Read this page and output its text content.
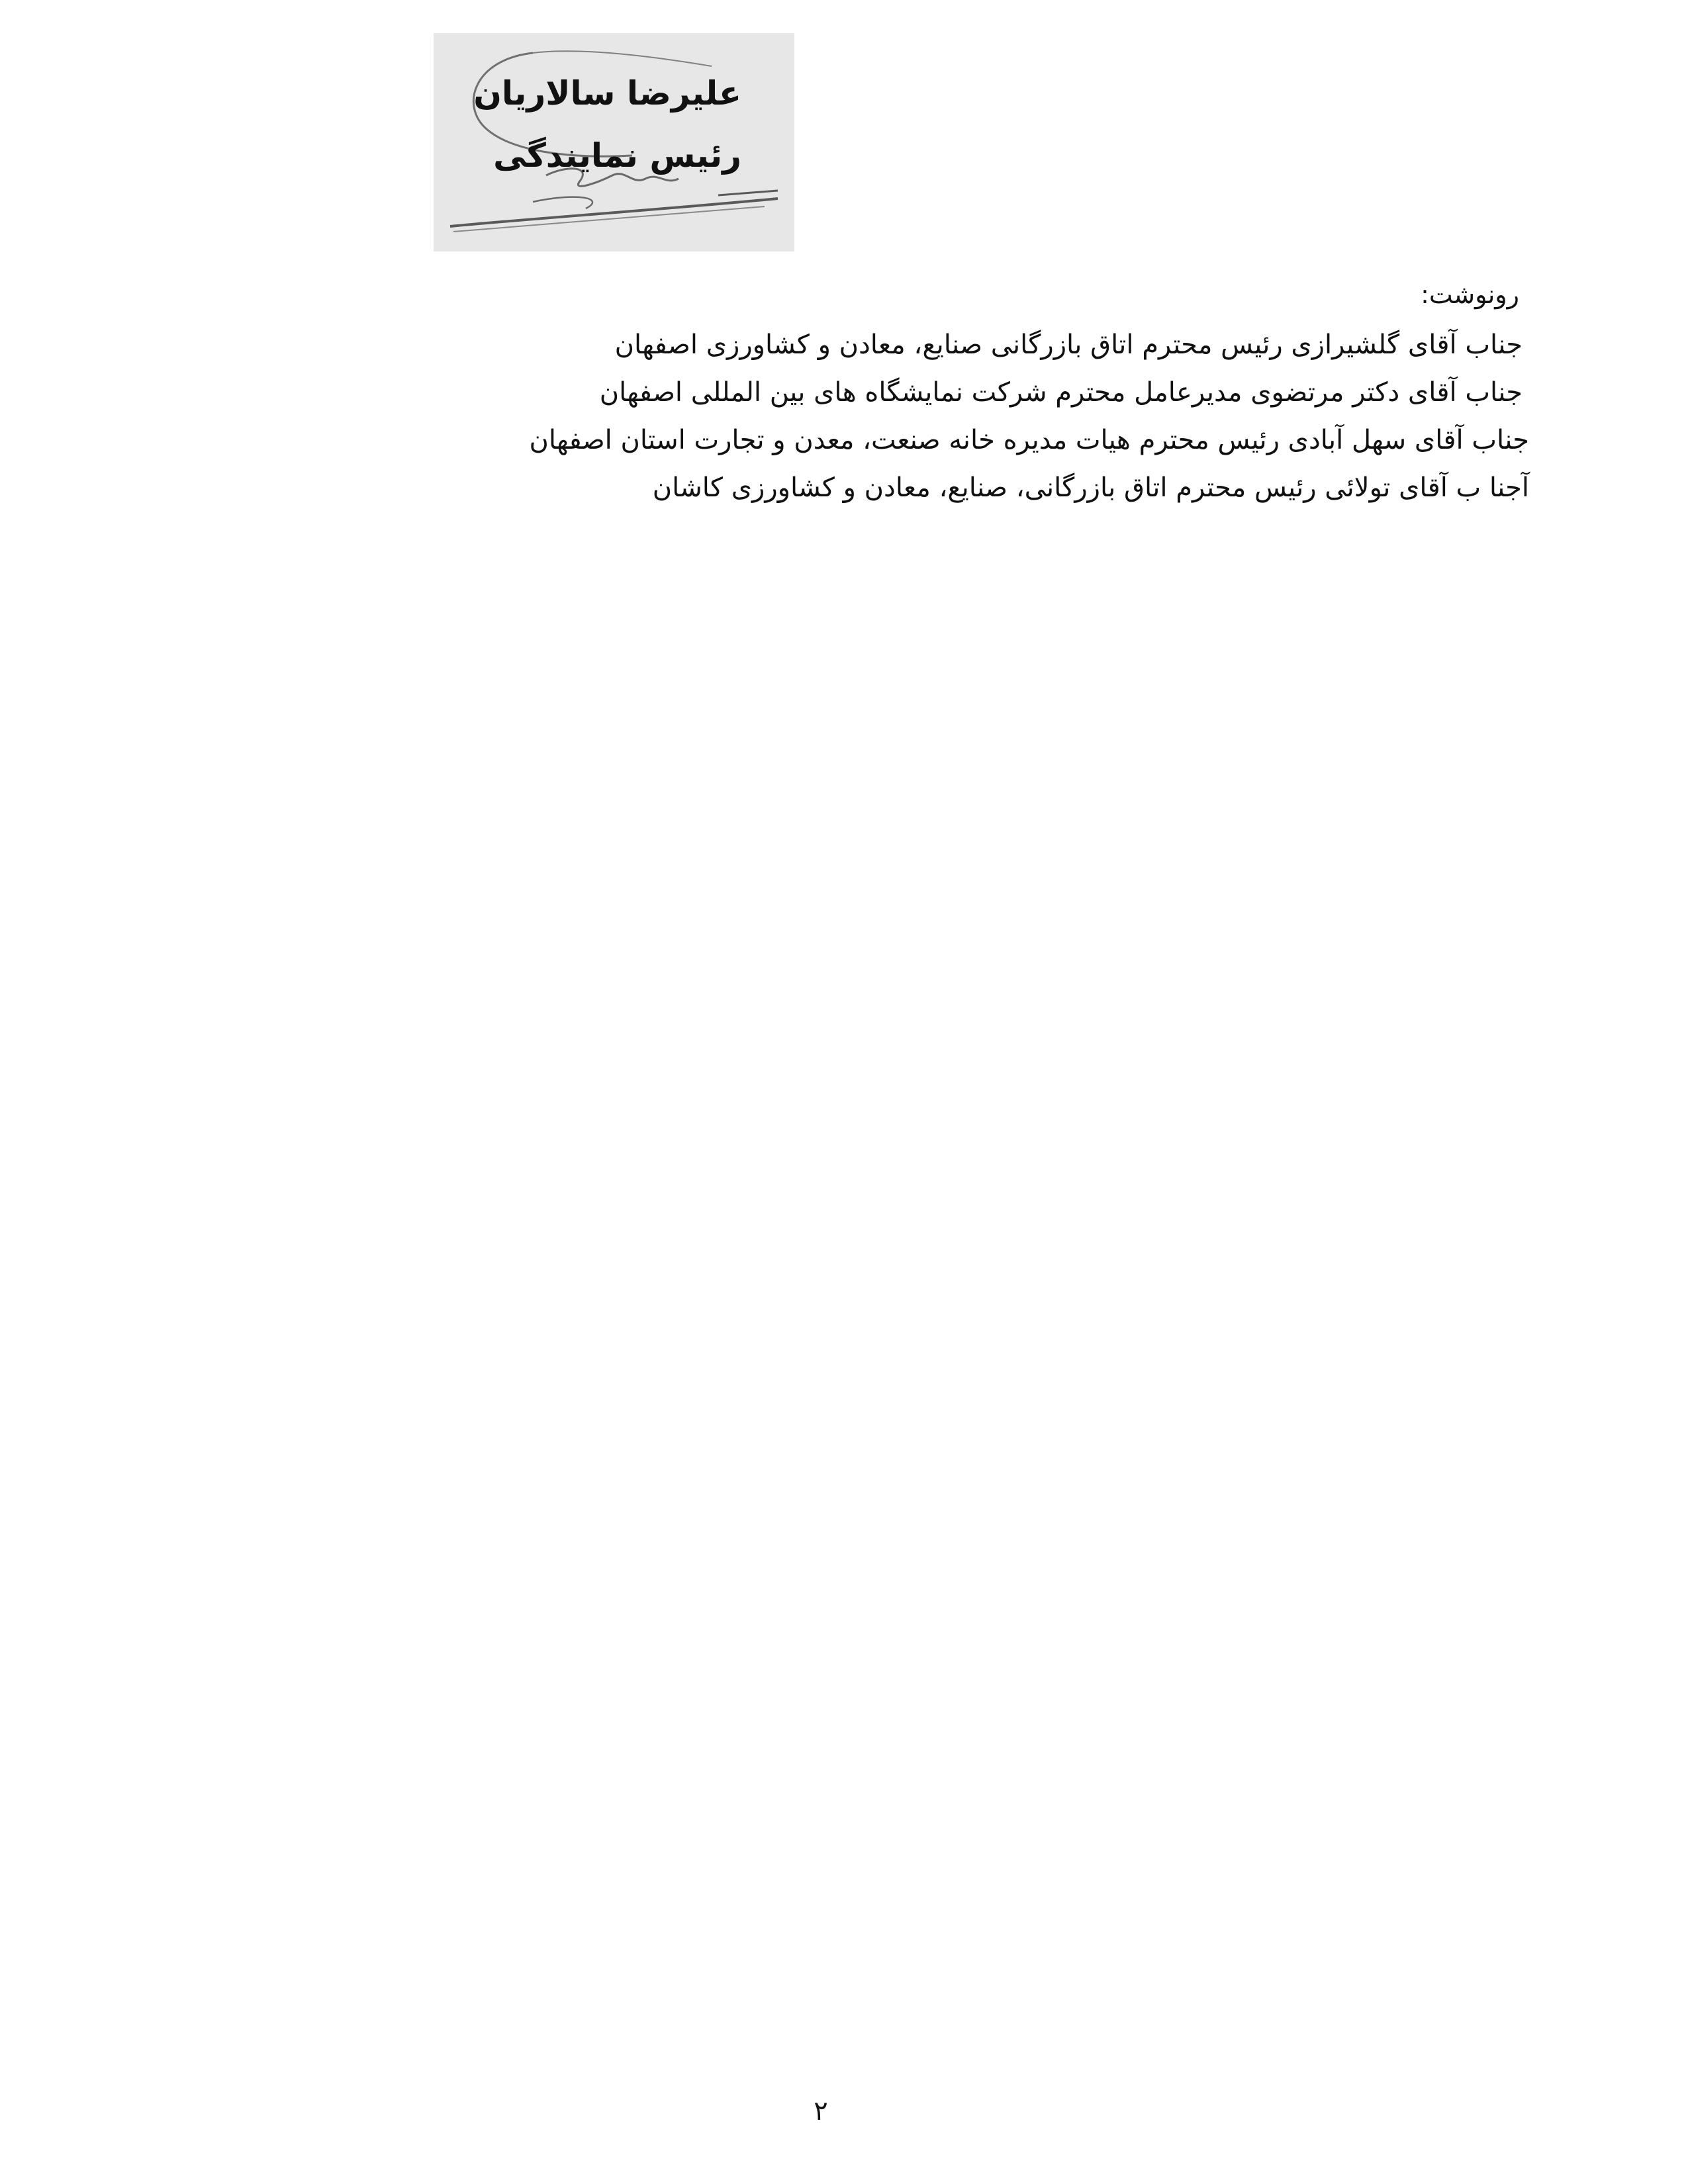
علیرضا سالاریان
رئیس نمایندگی
رونوشت:
جناب آقای گلشیرازی رئیس محترم اتاق بازرگانی صنایع، معادن و کشاورزی اصفهان
جناب آقای دکتر مرتضوی مدیرعامل محترم شرکت نمایشگاه های بین المللی اصفهان
جناب آقای سهل آبادی رئیس محترم هیات مدیره خانه صنعت، معدن و تجارت استان اصفهان
آجنا ب آقای تولائی رئیس محترم اتاق بازرگانی، صنایع، معادن و کشاورزی کاشان
۲
